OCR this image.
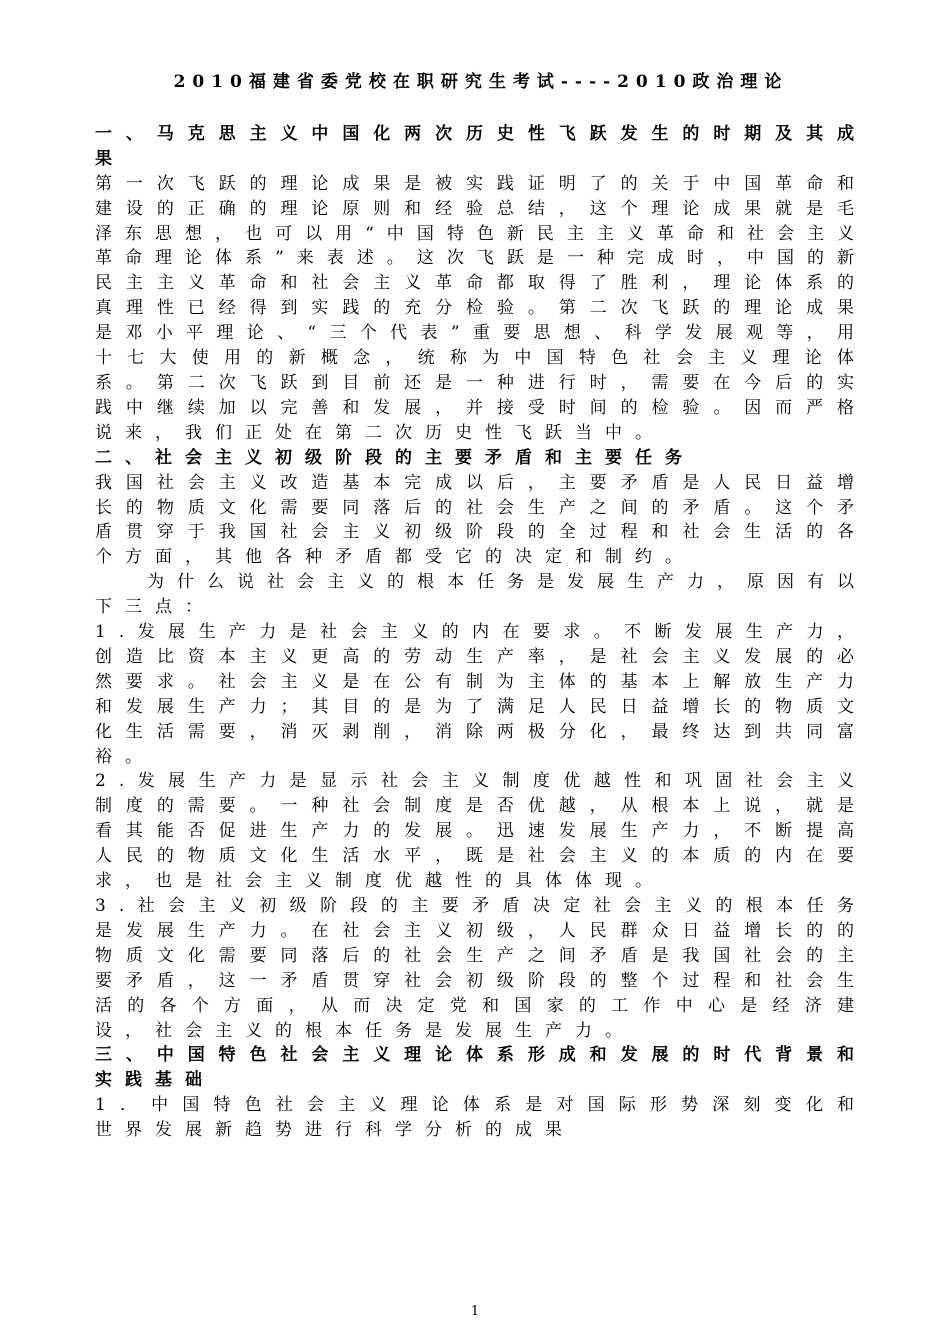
2010福建省委党校在职研究生考试----2010政治理论

一、马克思主义中国化两次历史性飞跃发生的时期及其成果

第一次飞跃的理论成果是被实践证明了的关于中国革命和建设的正确的理论原则和经验总结，这个理论成果就是毛泽东思想，也可以用“中国特色新民主主义革命和社会主义革命理论体系”来表述。这次飞跃是一种完成时，中国的新民主主义革命和社会主义革命都取得了胜利，理论体系的真理性已经得到实践的充分检验。第二次飞跃的理论成果是邓小平理论、“三个代表”重要思想、科学发展观等，用十七大使用的新概念，统称为中国特色社会主义理论体系。第二次飞跃到目前还是一种进行时，需要在今后的实践中继续加以完善和发展，并接受时间的检验。因而严格说来，我们正处在第二次历史性飞跃当中。

二、社会主义初级阶段的主要矛盾和主要任务

我国社会主义改造基本完成以后，主要矛盾是人民日益增长的物质文化需要同落后的社会生产之间的矛盾。这个矛盾贯穿于我国社会主义初级阶段的全过程和社会生活的各个方面，其他各种矛盾都受它的决定和制约。

为什么说社会主义的根本任务是发展生产力，原因有以下三点：

1.发展生产力是社会主义的内在要求。不断发展生产力，创造比资本主义更高的劳动生产率，是社会主义发展的必然要求。社会主义是在公有制为主体的基本上解放生产力和发展生产力；其目的是为了满足人民日益增长的物质文化生活需要，消灭剥削，消除两极分化，最终达到共同富裕。

2.发展生产力是显示社会主义制度优越性和巩固社会主义制度的需要。一种社会制度是否优越，从根本上说，就是看其能否促进生产力的发展。迅速发展生产力，不断提高人民的物质文化生活水平，既是社会主义的本质的内在要求，也是社会主义制度优越性的具体体现。

3.社会主义初级阶段的主要矛盾决定社会主义的根本任务是发展生产力。在社会主义初级，人民群众日益增长的的物质文化需要同落后的社会生产之间矛盾是我国社会的主要矛盾，这一矛盾贯穿社会初级阶段的整个过程和社会生活的各个方面，从而决定党和国家的工作中心是经济建设，社会主义的根本任务是发展生产力。

三、中国特色社会主义理论体系形成和发展的时代背景和实践基础

1．中国特色社会主义理论体系是对国际形势深刻变化和世界发展新趋势进行科学分析的成果

1
